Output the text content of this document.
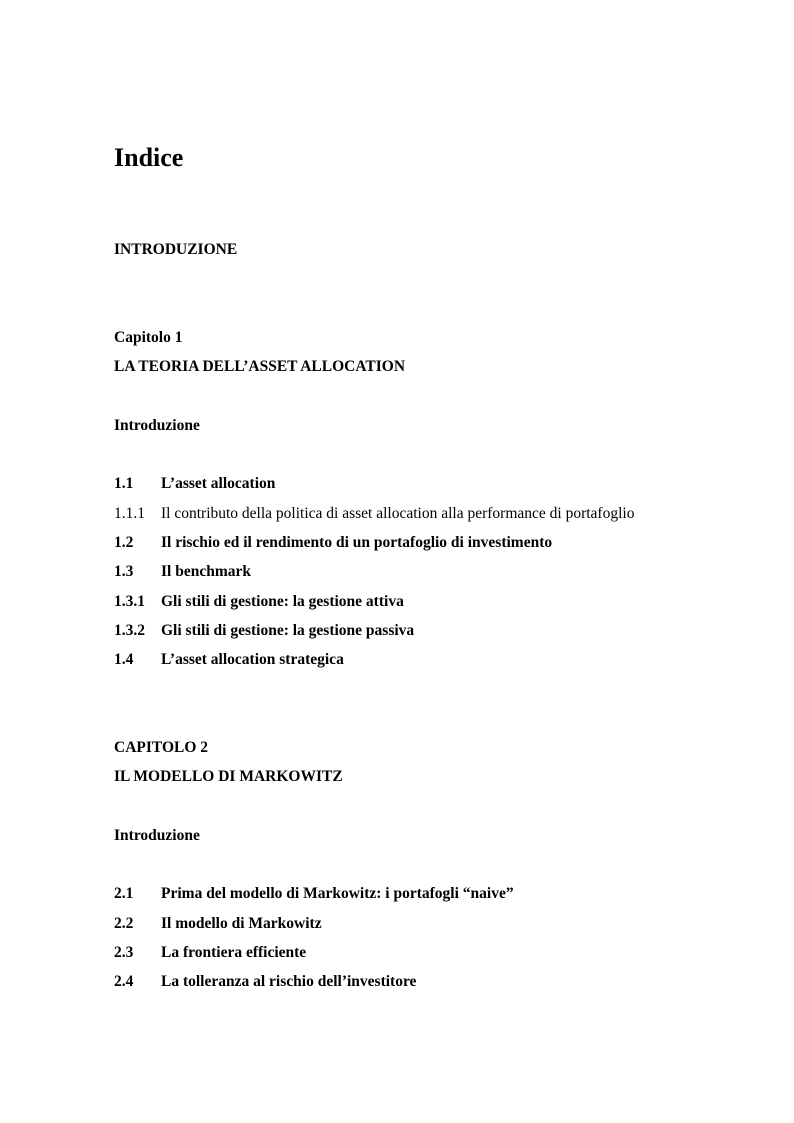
Indice
INTRODUZIONE
Capitolo 1
LA TEORIA DELL’ASSET ALLOCATION
Introduzione
1.1 L’asset allocation
1.1.1 Il contributo della politica di asset allocation alla performance di portafoglio
1.2 Il rischio ed il rendimento di un portafoglio di investimento
1.3 Il benchmark
1.3.1 Gli stili di gestione: la gestione attiva
1.3.2 Gli stili di gestione: la gestione passiva
1.4 L’asset allocation strategica
CAPITOLO 2
IL MODELLO DI MARKOWITZ
Introduzione
2.1 Prima del modello di Markowitz: i portafogli “naive”
2.2 Il modello di Markowitz
2.3 La frontiera efficiente
2.4 La tolleranza al rischio dell’investitore
